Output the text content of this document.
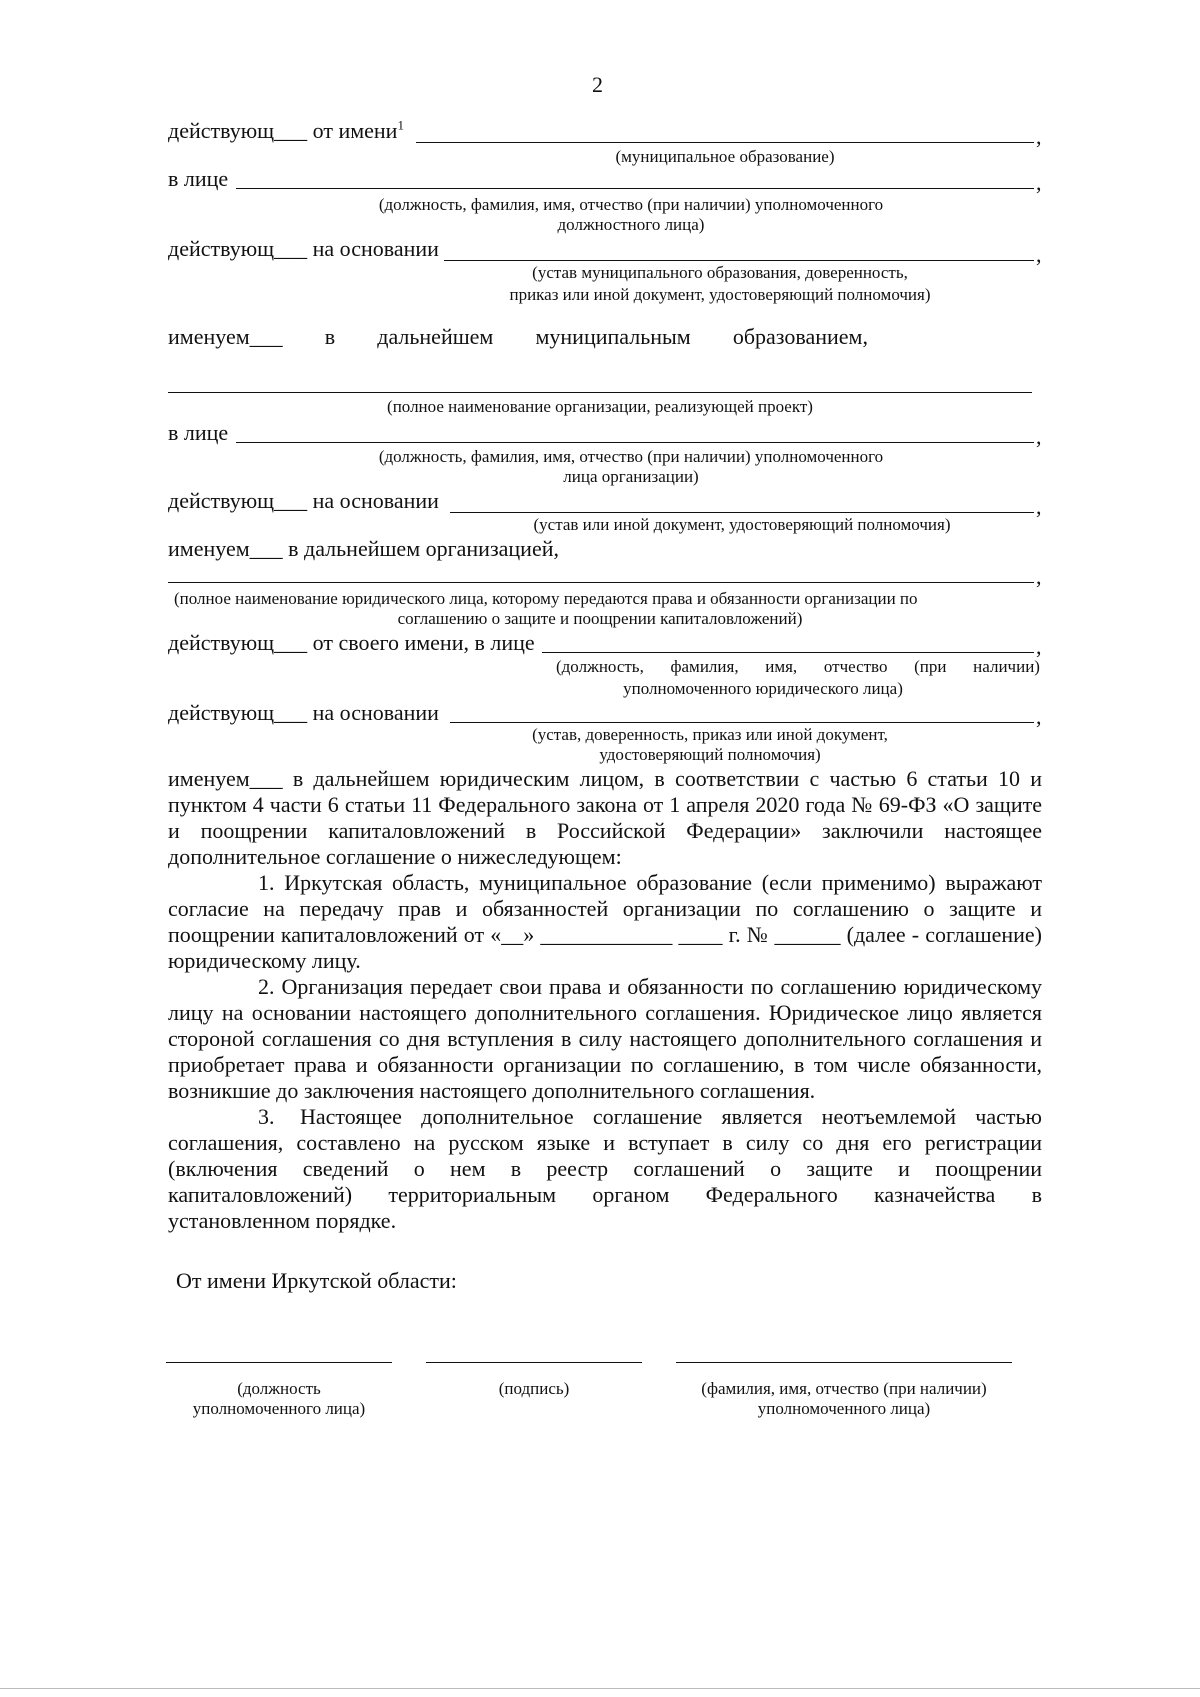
2
действующ___ от имени$^1$	,
(муниципальное образование)
в лице	,
(должность, фамилия, имя, отчество (при наличии) уполномоченного
должностного лица)
действующ___ на основании	,
(устав муниципального образования, доверенность,
приказ или иной документ, удостоверяющий полномочия)
именуем___ в дальнейшем муниципальным образованием,
(полное наименование организации, реализующей проект)
в лице	,
(должность, фамилия, имя, отчество (при наличии) уполномоченного
лица организации)
действующ___ на основании	,
(устав или иной документ, удостоверяющий полномочия)
именуем___ в дальнейшем организацией,
,
(полное наименование юридического лица, которому передаются права и обязанности организации по
соглашению о защите и поощрении капиталовложений)
действующ___ от своего имени, в лице	,
(должность, фамилия, имя, отчество (при наличии)
уполномоченного юридического лица)
действующ___ на основании	,
(устав, доверенность, приказ или иной документ,
удостоверяющий полномочия)
именуем___ в дальнейшем юридическим лицом, в соответствии с частью 6 статьи 10 и
пунктом 4 части 6 статьи 11 Федерального закона от 1 апреля 2020 года № 69-ФЗ «О защите
и поощрении капиталовложений в Российской Федерации» заключили настоящее
дополнительное соглашение о нижеследующем:
1. Иркутская область, муниципальное образование (если применимо) выражают
согласие на передачу прав и обязанностей организации по соглашению о защите и
поощрении капиталовложений от «__» ____________ ____ г. № ______ (далее - соглашение)
юридическому лицу.
2. Организация передает свои права и обязанности по соглашению юридическому
лицу на основании настоящего дополнительного соглашения. Юридическое лицо является
стороной соглашения со дня вступления в силу настоящего дополнительного соглашения и
приобретает права и обязанности организации по соглашению, в том числе обязанности,
возникшие до заключения настоящего дополнительного соглашения.
3. Настоящее дополнительное соглашение является неотъемлемой частью
соглашения, составлено на русском языке и вступает в силу со дня его регистрации
(включения сведений о нем в реестр соглашений о защите и поощрении
капиталовложений) территориальным органом Федерального казначейства в
установленном порядке.
От имени Иркутской области:
(должность
уполномоченного лица)
(подпись)	(фамилия, имя, отчество (при наличии)
уполномоченного лица)
